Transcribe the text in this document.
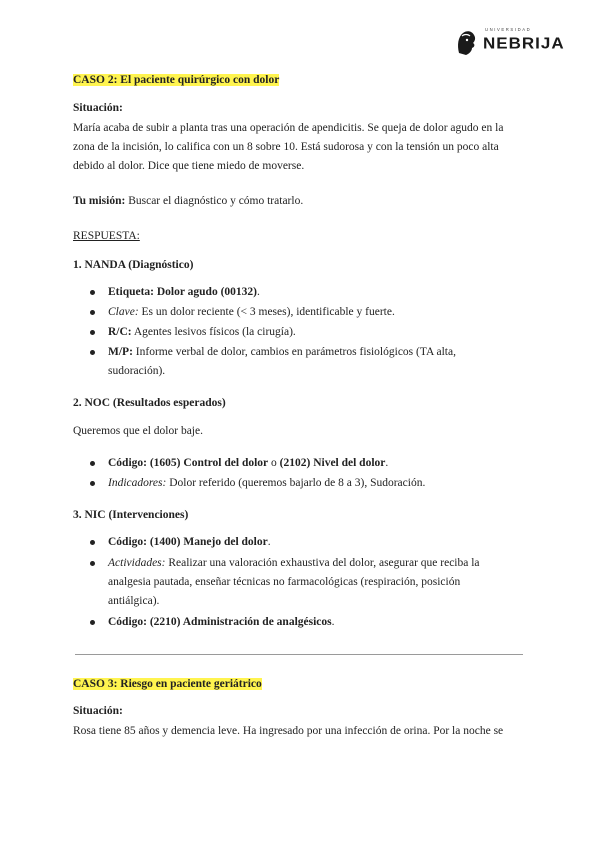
UNIVERSIDAD
NEBRIJA
CASO 2: El paciente quirúrgico con dolor
Situación:
María acaba de subir a planta tras una operación de apendicitis. Se queja de dolor agudo en la
zona de la incisión, lo califica con un 8 sobre 10. Está sudorosa y con la tensión un poco alta
debido al dolor. Dice que tiene miedo de moverse.
Tu misión: Buscar el diagnóstico y cómo tratarlo.
RESPUESTA:
1. NANDA (Diagnóstico)
Etiqueta: Dolor agudo (00132).
Clave: Es un dolor reciente (< 3 meses), identificable y fuerte.
R/C: Agentes lesivos físicos (la cirugía).
M/P: Informe verbal de dolor, cambios en parámetros fisiológicos (TA alta,
sudoración).
2. NOC (Resultados esperados)
Queremos que el dolor baje.
Código: (1605) Control del dolor o (2102) Nivel del dolor.
Indicadores: Dolor referido (queremos bajarlo de 8 a 3), Sudoración.
3. NIC (Intervenciones)
Código: (1400) Manejo del dolor.
Actividades: Realizar una valoración exhaustiva del dolor, asegurar que reciba la
analgesia pautada, enseñar técnicas no farmacológicas (respiración, posición
antiálgica).
Código: (2210) Administración de analgésicos.
CASO 3: Riesgo en paciente geriátrico
Situación:
Rosa tiene 85 años y demencia leve. Ha ingresado por una infección de orina. Por la noche se
